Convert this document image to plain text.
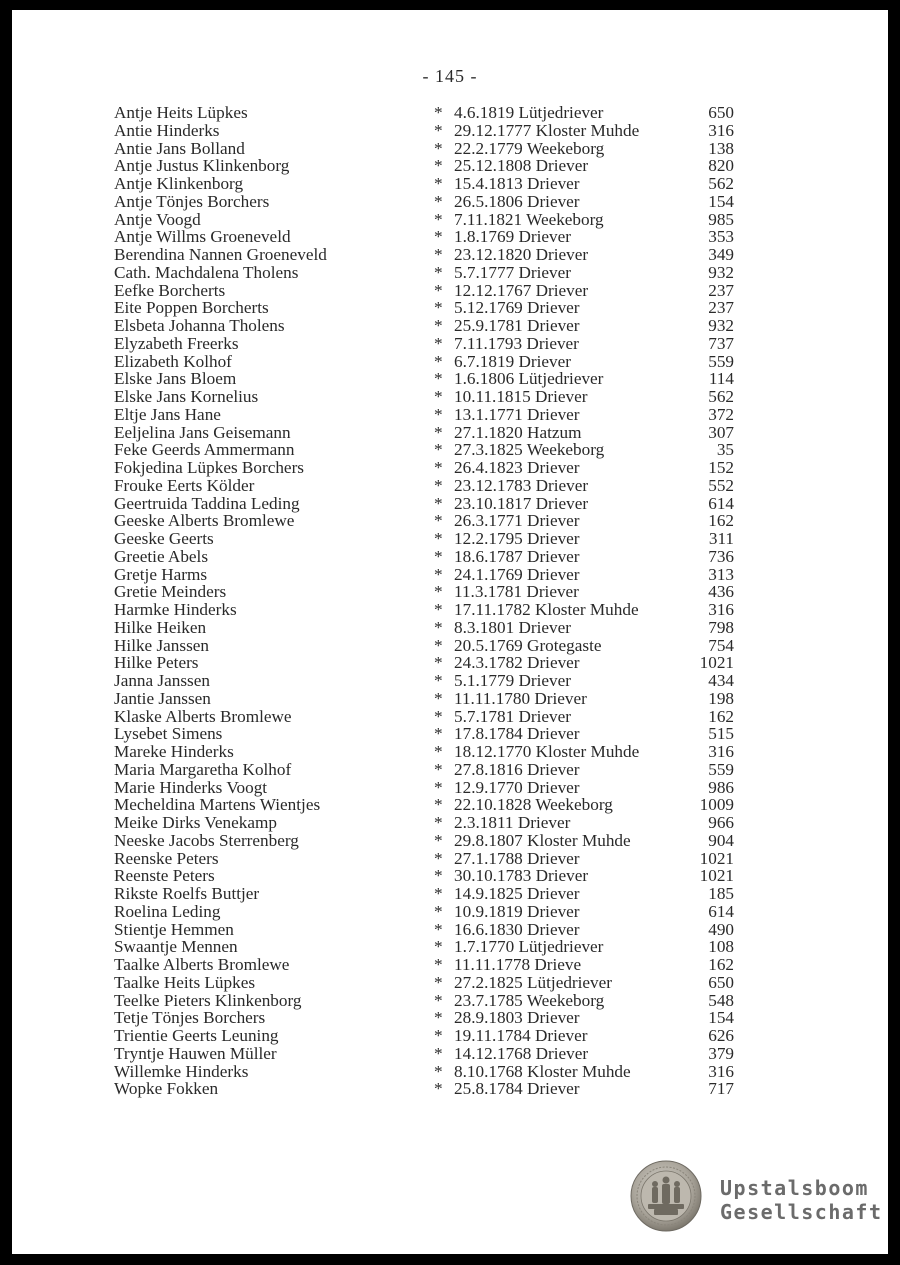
- 145 -
Antje Heits Lüpkes	* 4.6.1819 Lütjedriever	650
Antie Hinderks	* 29.12.1777 Kloster Muhde	316
Antie Jans Bolland	* 22.2.1779 Weekeborg	138
Antje Justus Klinkenborg	* 25.12.1808 Driever	820
Antje Klinkenborg	* 15.4.1813 Driever	562
Antje Tönjes Borchers	* 26.5.1806 Driever	154
Antje Voogd	* 7.11.1821 Weekeborg	985
Antje Willms Groeneveld	* 1.8.1769 Driever	353
Berendina Nannen Groeneveld	* 23.12.1820 Driever	349
Cath. Machdalena Tholens	* 5.7.1777 Driever	932
Eefke Borcherts	* 12.12.1767 Driever	237
Eite Poppen Borcherts	* 5.12.1769 Driever	237
Elsbeta Johanna Tholens	* 25.9.1781 Driever	932
Elyzabeth Freerks	* 7.11.1793 Driever	737
Elizabeth Kolhof	* 6.7.1819 Driever	559
Elske Jans Bloem	* 1.6.1806 Lütjedriever	114
Elske Jans Kornelius	* 10.11.1815 Driever	562
Eltje Jans Hane	* 13.1.1771 Driever	372
Eeljelina Jans Geisemann	* 27.1.1820 Hatzum	307
Feke Geerds Ammermann	* 27.3.1825 Weekeborg	35
Fokjedina Lüpkes Borchers	* 26.4.1823 Driever	152
Frouke Eerts Kölder	* 23.12.1783 Driever	552
Geertruida Taddina Leding	* 23.10.1817 Driever	614
Geeske Alberts Bromlewe	* 26.3.1771 Driever	162
Geeske Geerts	* 12.2.1795 Driever	311
Greetie Abels	* 18.6.1787 Driever	736
Gretje Harms	* 24.1.1769 Driever	313
Gretie Meinders	* 11.3.1781 Driever	436
Harmke Hinderks	* 17.11.1782 Kloster Muhde	316
Hilke Heiken	* 8.3.1801 Driever	798
Hilke Janssen	* 20.5.1769 Grotegaste	754
Hilke Peters	* 24.3.1782 Driever	1021
Janna Janssen	* 5.1.1779 Driever	434
Jantie Janssen	* 11.11.1780 Driever	198
Klaske Alberts Bromlewe	* 5.7.1781 Driever	162
Lysebet Simens	* 17.8.1784 Driever	515
Mareke Hinderks	* 18.12.1770 Kloster Muhde	316
Maria Margaretha Kolhof	* 27.8.1816 Driever	559
Marie Hinderks Voogt	* 12.9.1770 Driever	986
Mecheldina Martens Wientjes	* 22.10.1828 Weekeborg	1009
Meike Dirks Venekamp	* 2.3.1811 Driever	966
Neeske Jacobs Sterrenberg	* 29.8.1807 Kloster Muhde	904
Reenske Peters	* 27.1.1788 Driever	1021
Reenste Peters	* 30.10.1783 Driever	1021
Rikste Roelfs Buttjer	* 14.9.1825 Driever	185
Roelina Leding	* 10.9.1819 Driever	614
Stientje Hemmen	* 16.6.1830 Driever	490
Swaantje Mennen	* 1.7.1770 Lütjedriever	108
Taalke Alberts Bromlewe	* 11.11.1778 Drieve	162
Taalke Heits Lüpkes	* 27.2.1825 Lütjedriever	650
Teelke Pieters Klinkenborg	* 23.7.1785 Weekeborg	548
Tetje Tönjes Borchers	* 28.9.1803 Driever	154
Trientie Geerts Leuning	* 19.11.1784 Driever	626
Tryntje Hauwen Müller	* 14.12.1768 Driever	379
Willemke Hinderks	* 8.10.1768 Kloster Muhde	316
Wopke Fokken	* 25.8.1784 Driever	717
Upstalsboom
Gesellschaft
